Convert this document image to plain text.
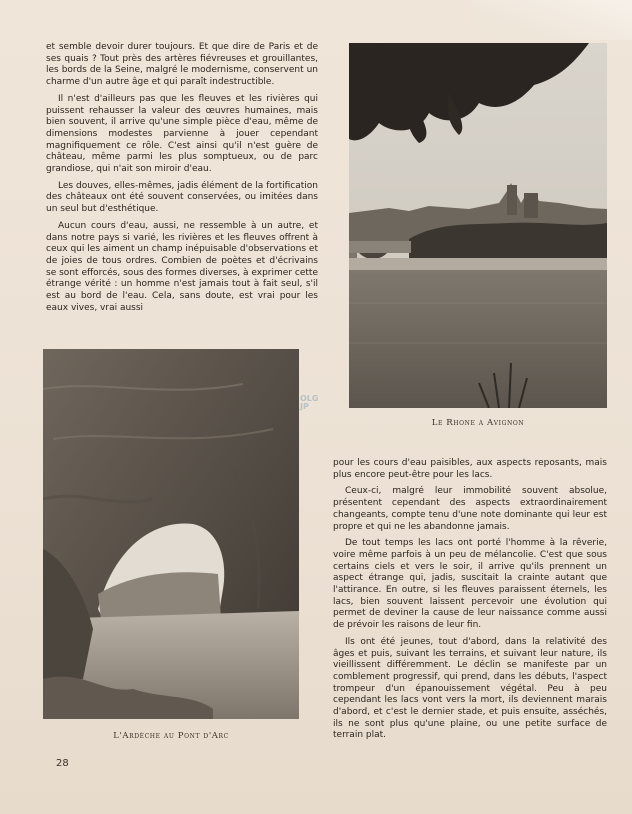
et semble devoir durer toujours. Et que dire de Paris et de ses quais ? Tout près des artères fiévreuses et grouillantes, les bords de la Seine, malgré le modernisme, conservent un charme d'un autre âge et qui paraît indestructible.

Il n'est d'ailleurs pas que les fleuves et les rivières qui puissent rehausser la valeur des œuvres humaines, mais bien souvent, il arrive qu'une simple pièce d'eau, même de dimensions modestes parvienne à jouer cependant magnifiquement ce rôle. C'est ainsi qu'il n'est guère de château, même parmi les plus somptueux, ou de parc grandiose, qui n'ait son miroir d'eau.

Les douves, elles-mêmes, jadis élément de la fortification des châteaux ont été souvent conservées, ou imitées dans un seul but d'esthétique.

Aucun cours d'eau, aussi, ne ressemble à un autre, et dans notre pays si varié, les rivières et les fleuves offrent à ceux qui les aiment un champ inépuisable d'observations et de joies de tous ordres. Combien de poètes et d'écrivains se sont efforcés, sous des formes diverses, à exprimer cette étrange vérité : un homme n'est jamais tout à fait seul, s'il est au bord de l'eau. Cela, sans doute, est vrai pour les eaux vives, vrai aussi

Le Rhone a Avignon
OLG
JP
L'Ardèche au Pont d'Arc

pour les cours d'eau paisibles, aux aspects reposants, mais plus encore peut-être pour les lacs.

Ceux-ci, malgré leur immobilité souvent absolue, présentent cependant des aspects extraordinairement changeants, compte tenu d'une note dominante qui leur est propre et qui ne les abandonne jamais.

De tout temps les lacs ont porté l'homme à la rêverie, voire même parfois à un peu de mélancolie. C'est que sous certains ciels et vers le soir, il arrive qu'ils prennent un aspect étrange qui, jadis, suscitait la crainte autant que l'attirance. En outre, si les fleuves paraissent éternels, les lacs, bien souvent laissent percevoir une évolution qui permet de deviner la cause de leur naissance comme aussi de prévoir les raisons de leur fin.

Ils ont été jeunes, tout d'abord, dans la relativité des âges et puis, suivant les terrains, et suivant leur nature, ils vieillissent différemment. Le déclin se manifeste par un comblement progressif, qui prend, dans les débuts, l'aspect trompeur d'un épanouissement végétal. Peu à peu cependant les lacs vont vers la mort, ils deviennent marais d'abord, et c'est le dernier stade, et puis ensuite, asséchés, ils ne sont plus qu'une plaine, ou une petite surface de terrain plat.

28
